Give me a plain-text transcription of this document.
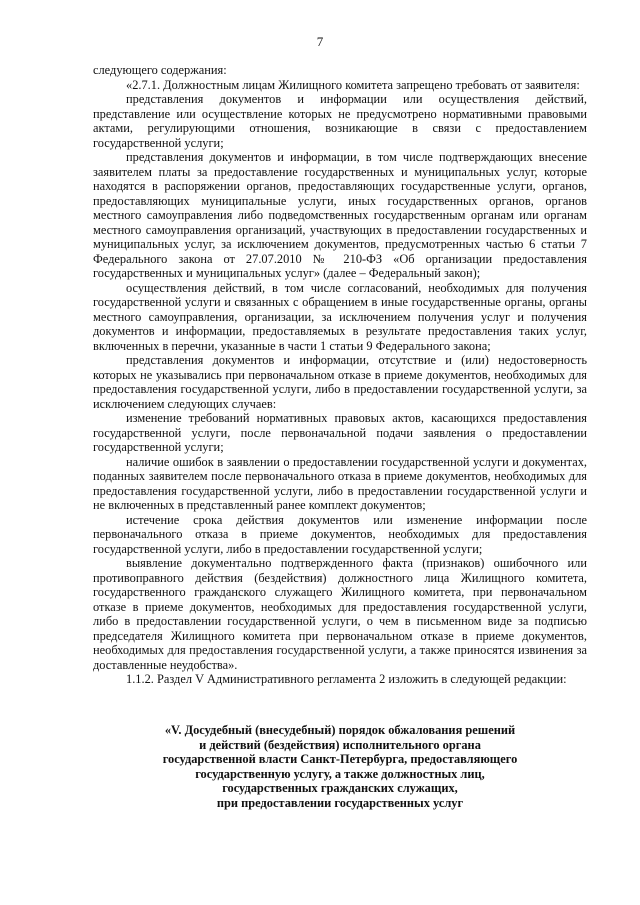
7

следующего содержания:

«2.7.1. Должностным лицам Жилищного комитета запрещено требовать от заявителя:

представления документов и информации или осуществления действий, представление или осуществление которых не предусмотрено нормативными правовыми актами, регулирующими отношения, возникающие в связи с предоставлением государственной услуги;

представления документов и информации, в том числе подтверждающих внесение заявителем платы за предоставление государственных и муниципальных услуг, которые находятся в распоряжении органов, предоставляющих государственные услуги, органов, предоставляющих муниципальные услуги, иных государственных органов, органов местного самоуправления либо подведомственных государственным органам или органам местного самоуправления организаций, участвующих в предоставлении государственных и муниципальных услуг, за исключением документов, предусмотренных частью 6 статьи 7 Федерального закона от 27.07.2010 № 210-ФЗ «Об организации предоставления государственных и муниципальных услуг» (далее – Федеральный закон);

осуществления действий, в том числе согласований, необходимых для получения государственной услуги и связанных с обращением в иные государственные органы, органы местного самоуправления, организации, за исключением получения услуг и получения документов и информации, предоставляемых в результате предоставления таких услуг, включенных в перечни, указанные в части 1 статьи 9 Федерального закона;

представления документов и информации, отсутствие и (или) недостоверность которых не указывались при первоначальном отказе в приеме документов, необходимых для предоставления государственной услуги, либо в предоставлении государственной услуги, за исключением следующих случаев:

изменение требований нормативных правовых актов, касающихся предоставления государственной услуги, после первоначальной подачи заявления о предоставлении государственной услуги;

наличие ошибок в заявлении о предоставлении государственной услуги и документах, поданных заявителем после первоначального отказа в приеме документов, необходимых для предоставления государственной услуги, либо в предоставлении государственной услуги и не включенных в представленный ранее комплект документов;

истечение срока действия документов или изменение информации после первоначального отказа в приеме документов, необходимых для предоставления государственной услуги, либо в предоставлении государственной услуги;

выявление документально подтвержденного факта (признаков) ошибочного или противоправного действия (бездействия) должностного лица Жилищного комитета, государственного гражданского служащего Жилищного комитета, при первоначальном отказе в приеме документов, необходимых для предоставления государственной услуги, либо в предоставлении государственной услуги, о чем в письменном виде за подписью председателя Жилищного комитета при первоначальном отказе в приеме документов, необходимых для предоставления государственной услуги, а также приносятся извинения за доставленные неудобства».

1.1.2. Раздел V Административного регламента 2 изложить в следующей редакции:

«V. Досудебный (внесудебный) порядок обжалования решений
и действий (бездействия) исполнительного органа
государственной власти Санкт-Петербурга, предоставляющего
государственную услугу, а также должностных лиц,
государственных гражданских служащих,
при предоставлении государственных услуг
